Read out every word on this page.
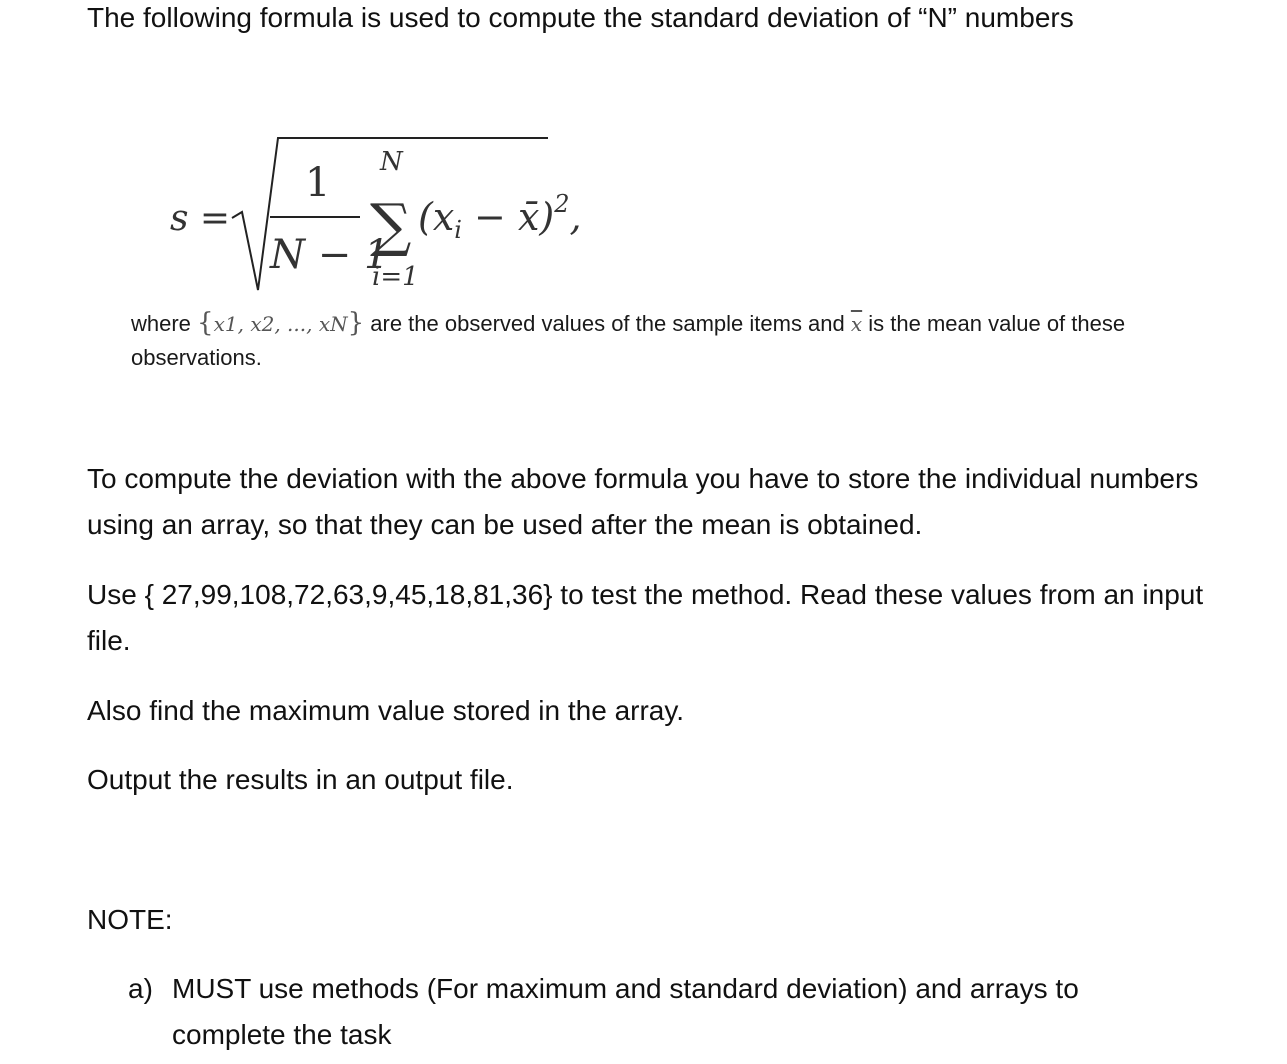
The following formula is used to compute the standard deviation of “N” numbers

s =
1
N − 1
N
∑
i=1
($x_i$ − x̄)$^2$,
where {x1, x2, ..., xN} are the observed values of the sample items and $\overline{x}$ is the mean value of these observations.

To compute the deviation with the above formula you have to store the individual numbers using an array, so that they can be used after the mean is obtained.

Use { 27,99,108,72,63,9,45,18,81,36} to test the method. Read these values from an input file.

Also find the maximum value stored in the array.

Output the results in an output file.

NOTE:

a) MUST use methods (For maximum and standard deviation) and arrays to complete the task
